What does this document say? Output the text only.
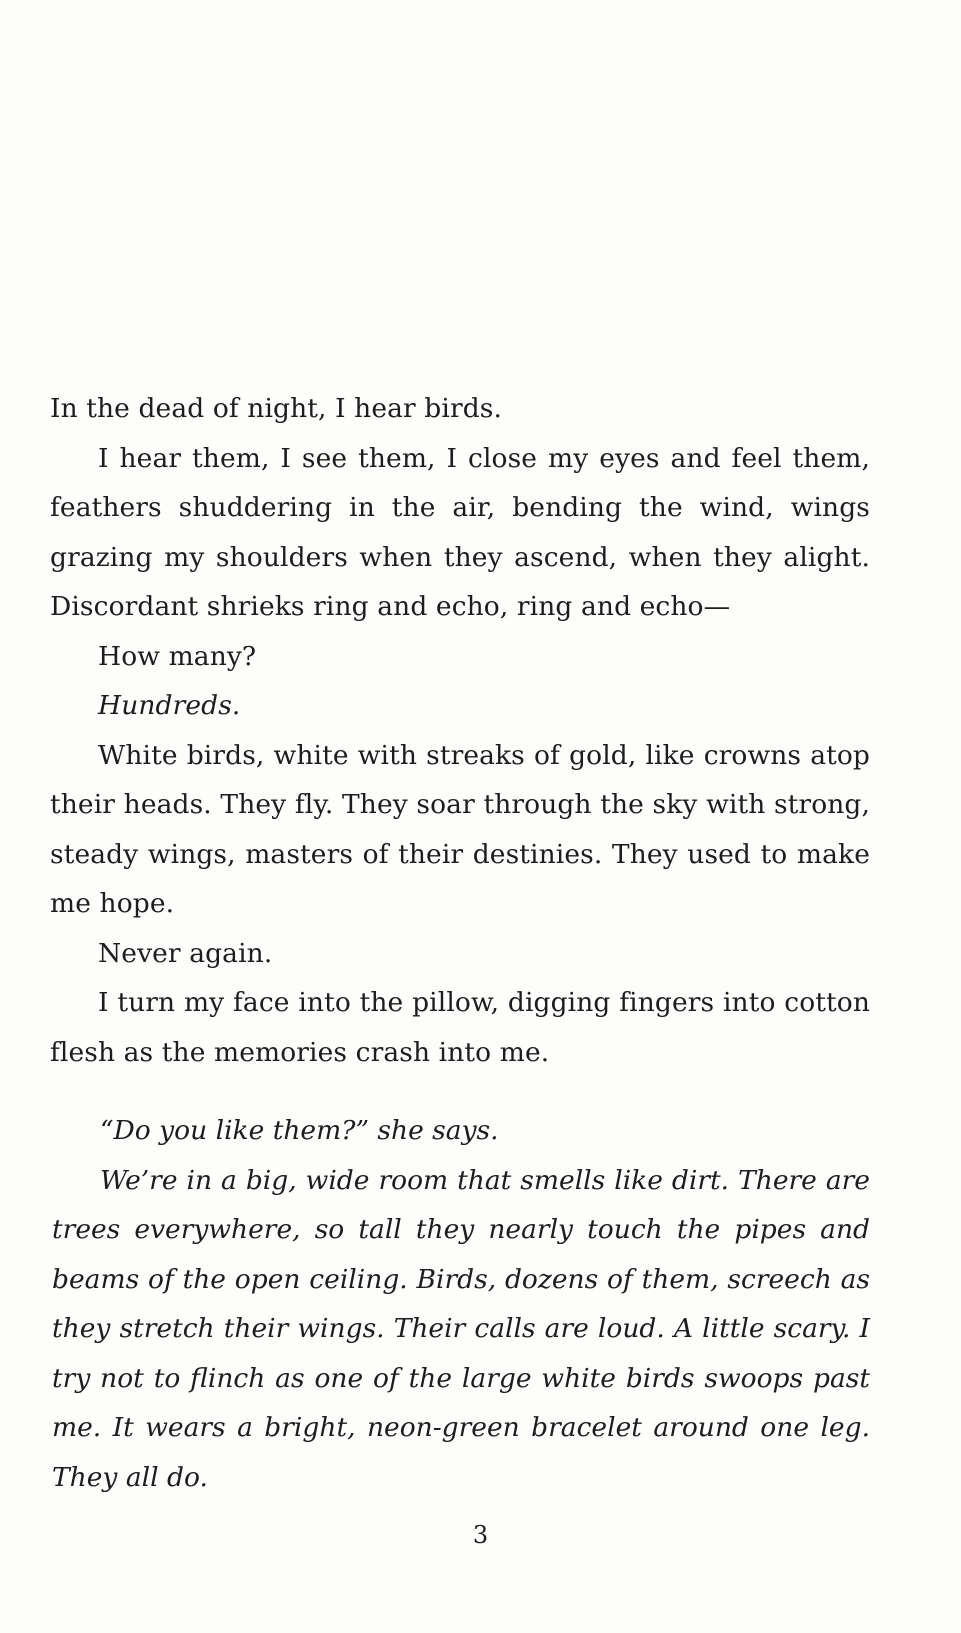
In the dead of night, I hear birds.

I hear them, I see them, I close my eyes and feel them, feathers shuddering in the air, bending the wind, wings grazing my shoulders when they ascend, when they alight. Discordant shrieks ring and echo, ring and echo—

How many?

Hundreds.

White birds, white with streaks of gold, like crowns atop their heads. They fly. They soar through the sky with strong, steady wings, masters of their destinies. They used to make me hope.

Never again.

I turn my face into the pillow, digging fingers into cotton flesh as the memories crash into me.

“Do you like them?” she says.

We’re in a big, wide room that smells like dirt. There are trees everywhere, so tall they nearly touch the pipes and beams of the open ceiling. Birds, dozens of them, screech as they stretch their wings. Their calls are loud. A little scary. I try not to flinch as one of the large white birds swoops past me. It wears a bright, neon-green bracelet around one leg. They all do.

3
